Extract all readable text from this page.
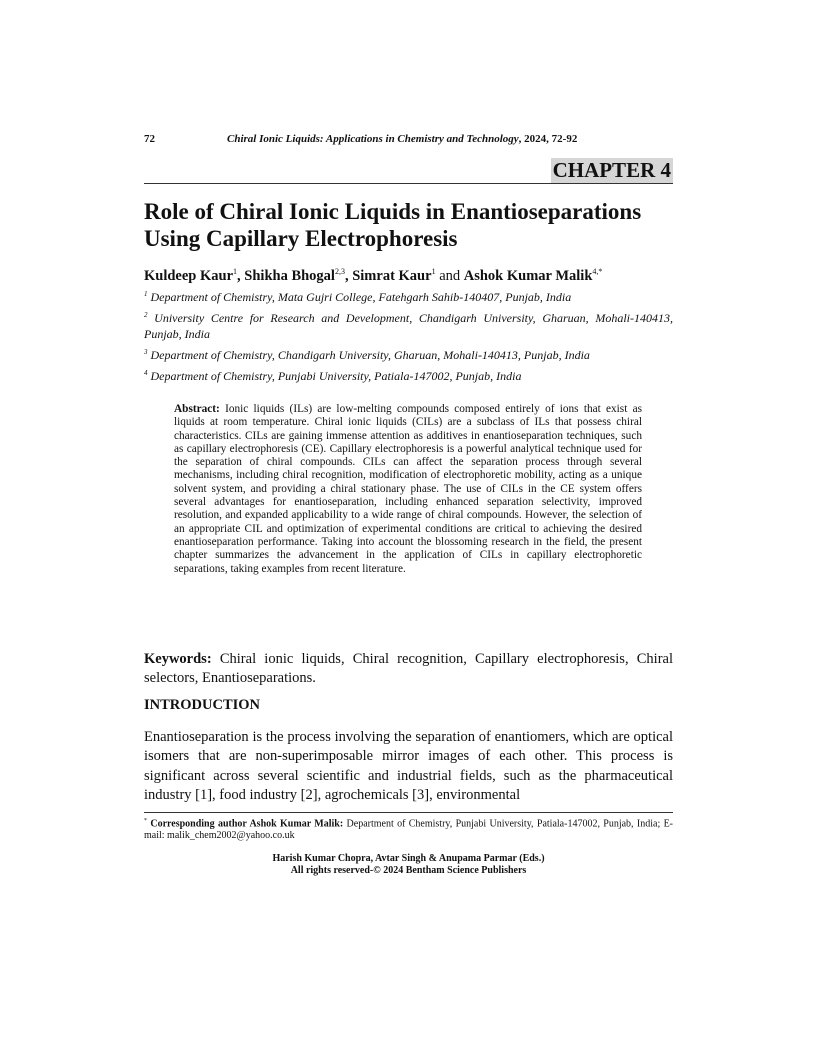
72	Chiral Ionic Liquids: Applications in Chemistry and Technology, 2024, 72-92
CHAPTER 4
Role of Chiral Ionic Liquids in Enantioseparations
Using Capillary Electrophoresis
Kuldeep Kaur$^1$, Shikha Bhogal$^{2,3}$, Simrat Kaur$^1$ and Ashok Kumar Malik$^{4,*}$

$^1$ Department of Chemistry, Mata Gujri College, Fatehgarh Sahib-140407, Punjab, India

$^2$ University Centre for Research and Development, Chandigarh University, Gharuan, Mohali-140413, Punjab, India

$^3$ Department of Chemistry, Chandigarh University, Gharuan, Mohali-140413, Punjab, India

$^4$ Department of Chemistry, Punjabi University, Patiala-147002, Punjab, India

Abstract: Ionic liquids (ILs) are low-melting compounds composed entirely of ions that exist as liquids at room temperature. Chiral ionic liquids (CILs) are a subclass of ILs that possess chiral characteristics. CILs are gaining immense attention as additives in enantioseparation techniques, such as capillary electrophoresis (CE). Capillary electrophoresis is a powerful analytical technique used for the separation of chiral compounds. CILs can affect the separation process through several mechanisms, including chiral recognition, modification of electrophoretic mobility, acting as a unique solvent system, and providing a chiral stationary phase. The use of CILs in the CE system offers several advantages for enantioseparation, including enhanced separation selectivity, improved resolution, and expanded applicability to a wide range of chiral compounds. However, the selection of an appropriate CIL and optimization of experimental conditions are critical to achieving the desired enantioseparation performance. Taking into account the blossoming research in the field, the present chapter summarizes the advancement in the application of CILs in capillary electrophoretic separations, taking examples from recent literature.

Keywords: Chiral ionic liquids, Chiral recognition, Capillary electrophoresis, Chiral selectors, Enantioseparations.

INTRODUCTION

Enantioseparation is the process involving the separation of enantiomers, which are optical isomers that are non-superimposable mirror images of each other. This process is significant across several scientific and industrial fields, such as the pharmaceutical industry [1], food industry [2], agrochemicals [3], environmental

* Corresponding author Ashok Kumar Malik: Department of Chemistry, Punjabi University, Patiala-147002, Punjab, India; E-mail: malik_chem2002@yahoo.co.uk

Harish Kumar Chopra, Avtar Singh & Anupama Parmar (Eds.)
All rights reserved-© 2024 Bentham Science Publishers
